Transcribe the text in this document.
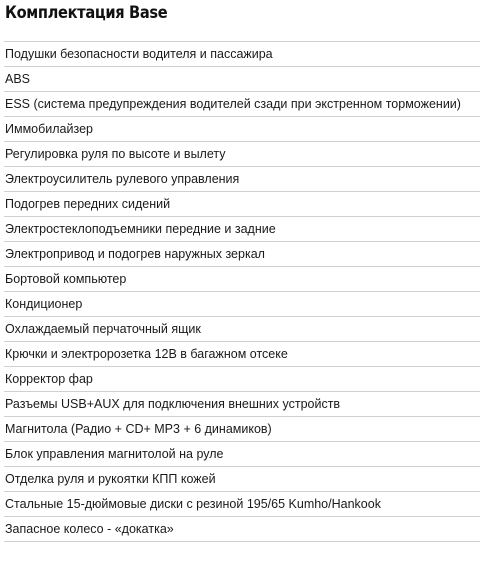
Комплектация Base
Подушки безопасности водителя и пассажира
ABS
ESS (система предупреждения водителей сзади при экстренном торможении)
Иммобилайзер
Регулировка руля по высоте и вылету
Электроусилитель рулевого управления
Подогрев передних сидений
Электростеклоподъемники передние и задние
Электропривод и подогрев наружных зеркал
Бортовой компьютер
Кондиционер
Охлаждаемый перчаточный ящик
Крючки и электророзетка 12В в багажном отсеке
Корректор фар
Разъемы USB+AUX для подключения внешних устройств
Магнитола (Радио + CD+ MP3 + 6 динамиков)
Блок управления магнитолой на руле
Отделка руля и рукоятки КПП кожей
Стальные 15-дюймовые диски с резиной 195/65 Kumho/Hankook
Запасное колесо - «докатка»
